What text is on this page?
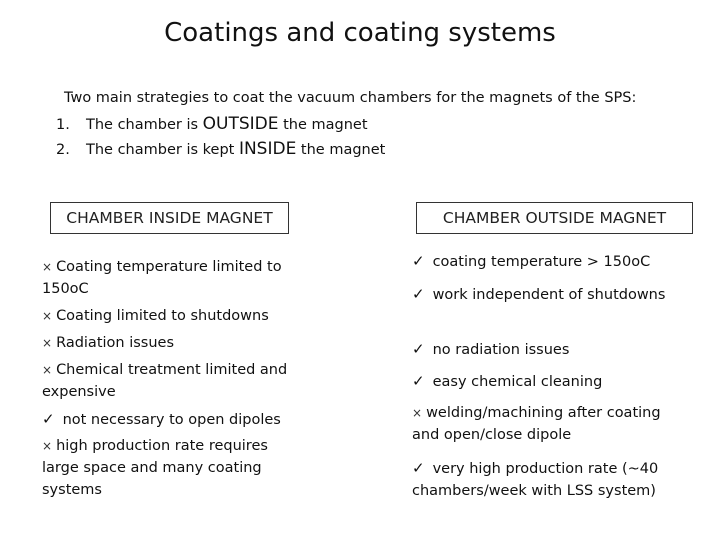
Coatings and coating systems
Two main strategies to coat the vacuum chambers for the magnets of the SPS:
1. The chamber is OUTSIDE the magnet
2. The chamber is kept INSIDE the magnet
CHAMBER INSIDE MAGNET	CHAMBER OUTSIDE MAGNET
× Coating temperature limited to 150oC
× Coating limited to shutdowns
× Radiation issues
× Chemical treatment limited and expensive
✓ not necessary to open dipoles
× high production rate requires large space and many coating systems
✓ coating temperature > 150oC
✓ work independent of shutdowns
✓ no radiation issues
✓ easy chemical cleaning
× welding/machining after coating and open/close dipole
✓ very high production rate (~40 chambers/week with LSS system)
